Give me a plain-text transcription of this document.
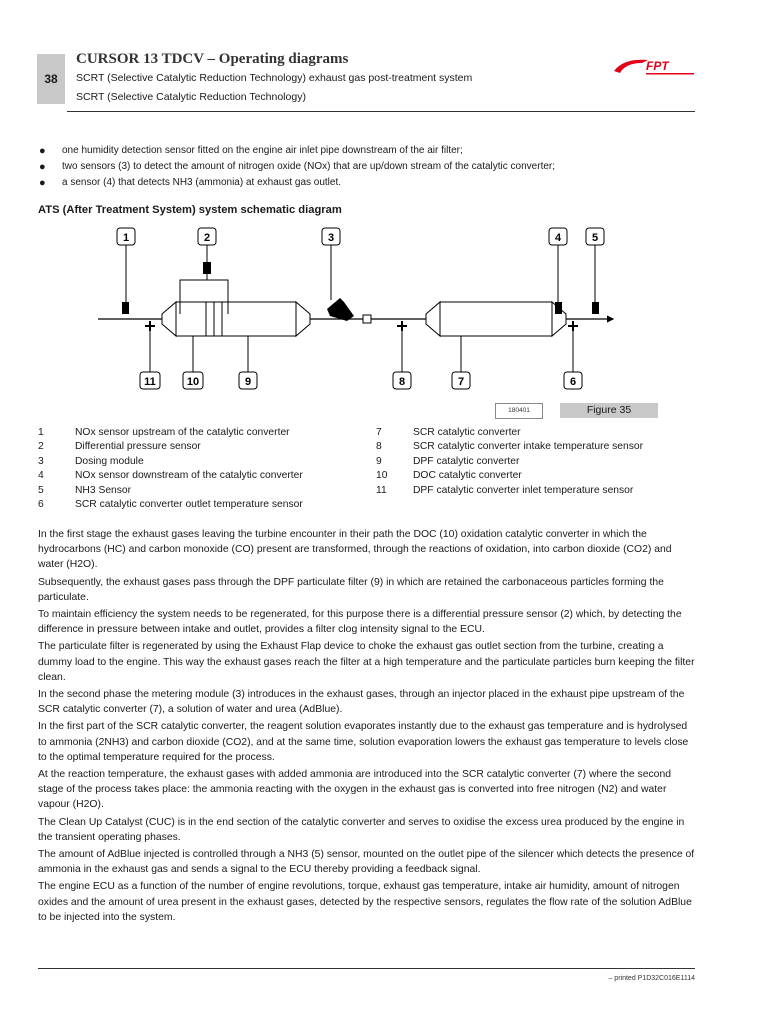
38
CURSOR 13 TDCV – Operating diagrams
SCRT (Selective Catalytic Reduction Technology) exhaust gas post-treatment system
SCRT (Selective Catalytic Reduction Technology)
FPT
● one humidity detection sensor fitted on the engine air inlet pipe downstream of the air filter;
● two sensors (3) to detect the amount of nitrogen oxide (NOx) that are up/down stream of the catalytic converter;
● a sensor (4) that detects NH3 (ammonia) at exhaust gas outlet.
ATS (After Treatment System) system schematic diagram
1	2	3	4	5
11	10	9	8	7	6
180401	Figure 35
1	NOx sensor upstream of the catalytic converter
2	Differential pressure sensor
3	Dosing module
4	NOx sensor downstream of the catalytic converter
5	NH3 Sensor
6	SCR catalytic converter outlet temperature sensor
7	SCR catalytic converter
8	SCR catalytic converter intake temperature sensor
9	DPF catalytic converter
10 DOC catalytic converter
11	DPF catalytic converter inlet temperature sensor

In the first stage the exhaust gases leaving the turbine encounter in their path the DOC (10) oxidation catalytic converter in which the hydrocarbons (HC) and carbon monoxide (CO) present are transformed, through the reactions of oxidation, into carbon dioxide (CO2) and water (H2O).

Subsequently, the exhaust gases pass through the DPF particulate filter (9) in which are retained the carbonaceous particles forming the particulate.

To maintain efficiency the system needs to be regenerated, for this purpose there is a differential pressure sensor (2) which, by detecting the difference in pressure between intake and outlet, provides a filter clog intensity signal to the ECU.

The particulate filter is regenerated by using the Exhaust Flap device to choke the exhaust gas outlet section from the turbine, creating a dummy load to the engine. This way the exhaust gases reach the filter at a high temperature and the particulate particles burn keeping the filter clean.

In the second phase the metering module (3) introduces in the exhaust gases, through an injector placed in the exhaust pipe upstream of the SCR catalytic converter (7), a solution of water and urea (AdBlue).

In the first part of the SCR catalytic converter, the reagent solution evaporates instantly due to the exhaust gas temperature and is hydrolysed to ammonia (2NH3) and carbon dioxide (CO2), and at the same time, solution evaporation lowers the exhaust gas temperature to levels close to the optimal temperature required for the process.

At the reaction temperature, the exhaust gases with added ammonia are introduced into the SCR catalytic converter (7) where the second stage of the process takes place: the ammonia reacting with the oxygen in the exhaust gas is converted into free nitrogen (N2) and water vapour (H2O).

The Clean Up Catalyst (CUC) is in the end section of the catalytic converter and serves to oxidise the excess urea produced by the engine in the transient operating phases.

The amount of AdBlue injected is controlled through a NH3 (5) sensor, mounted on the outlet pipe of the silencer which detects the presence of ammonia in the exhaust gas and sends a signal to the ECU thereby providing a feedback signal.

The engine ECU as a function of the number of engine revolutions, torque, exhaust gas temperature, intake air humidity, amount of nitrogen oxides and the amount of urea present in the exhaust gases, detected by the respective sensors, regulates the flow rate of the solution AdBlue to be injected into the system.

– printed P1D32C016E1114
